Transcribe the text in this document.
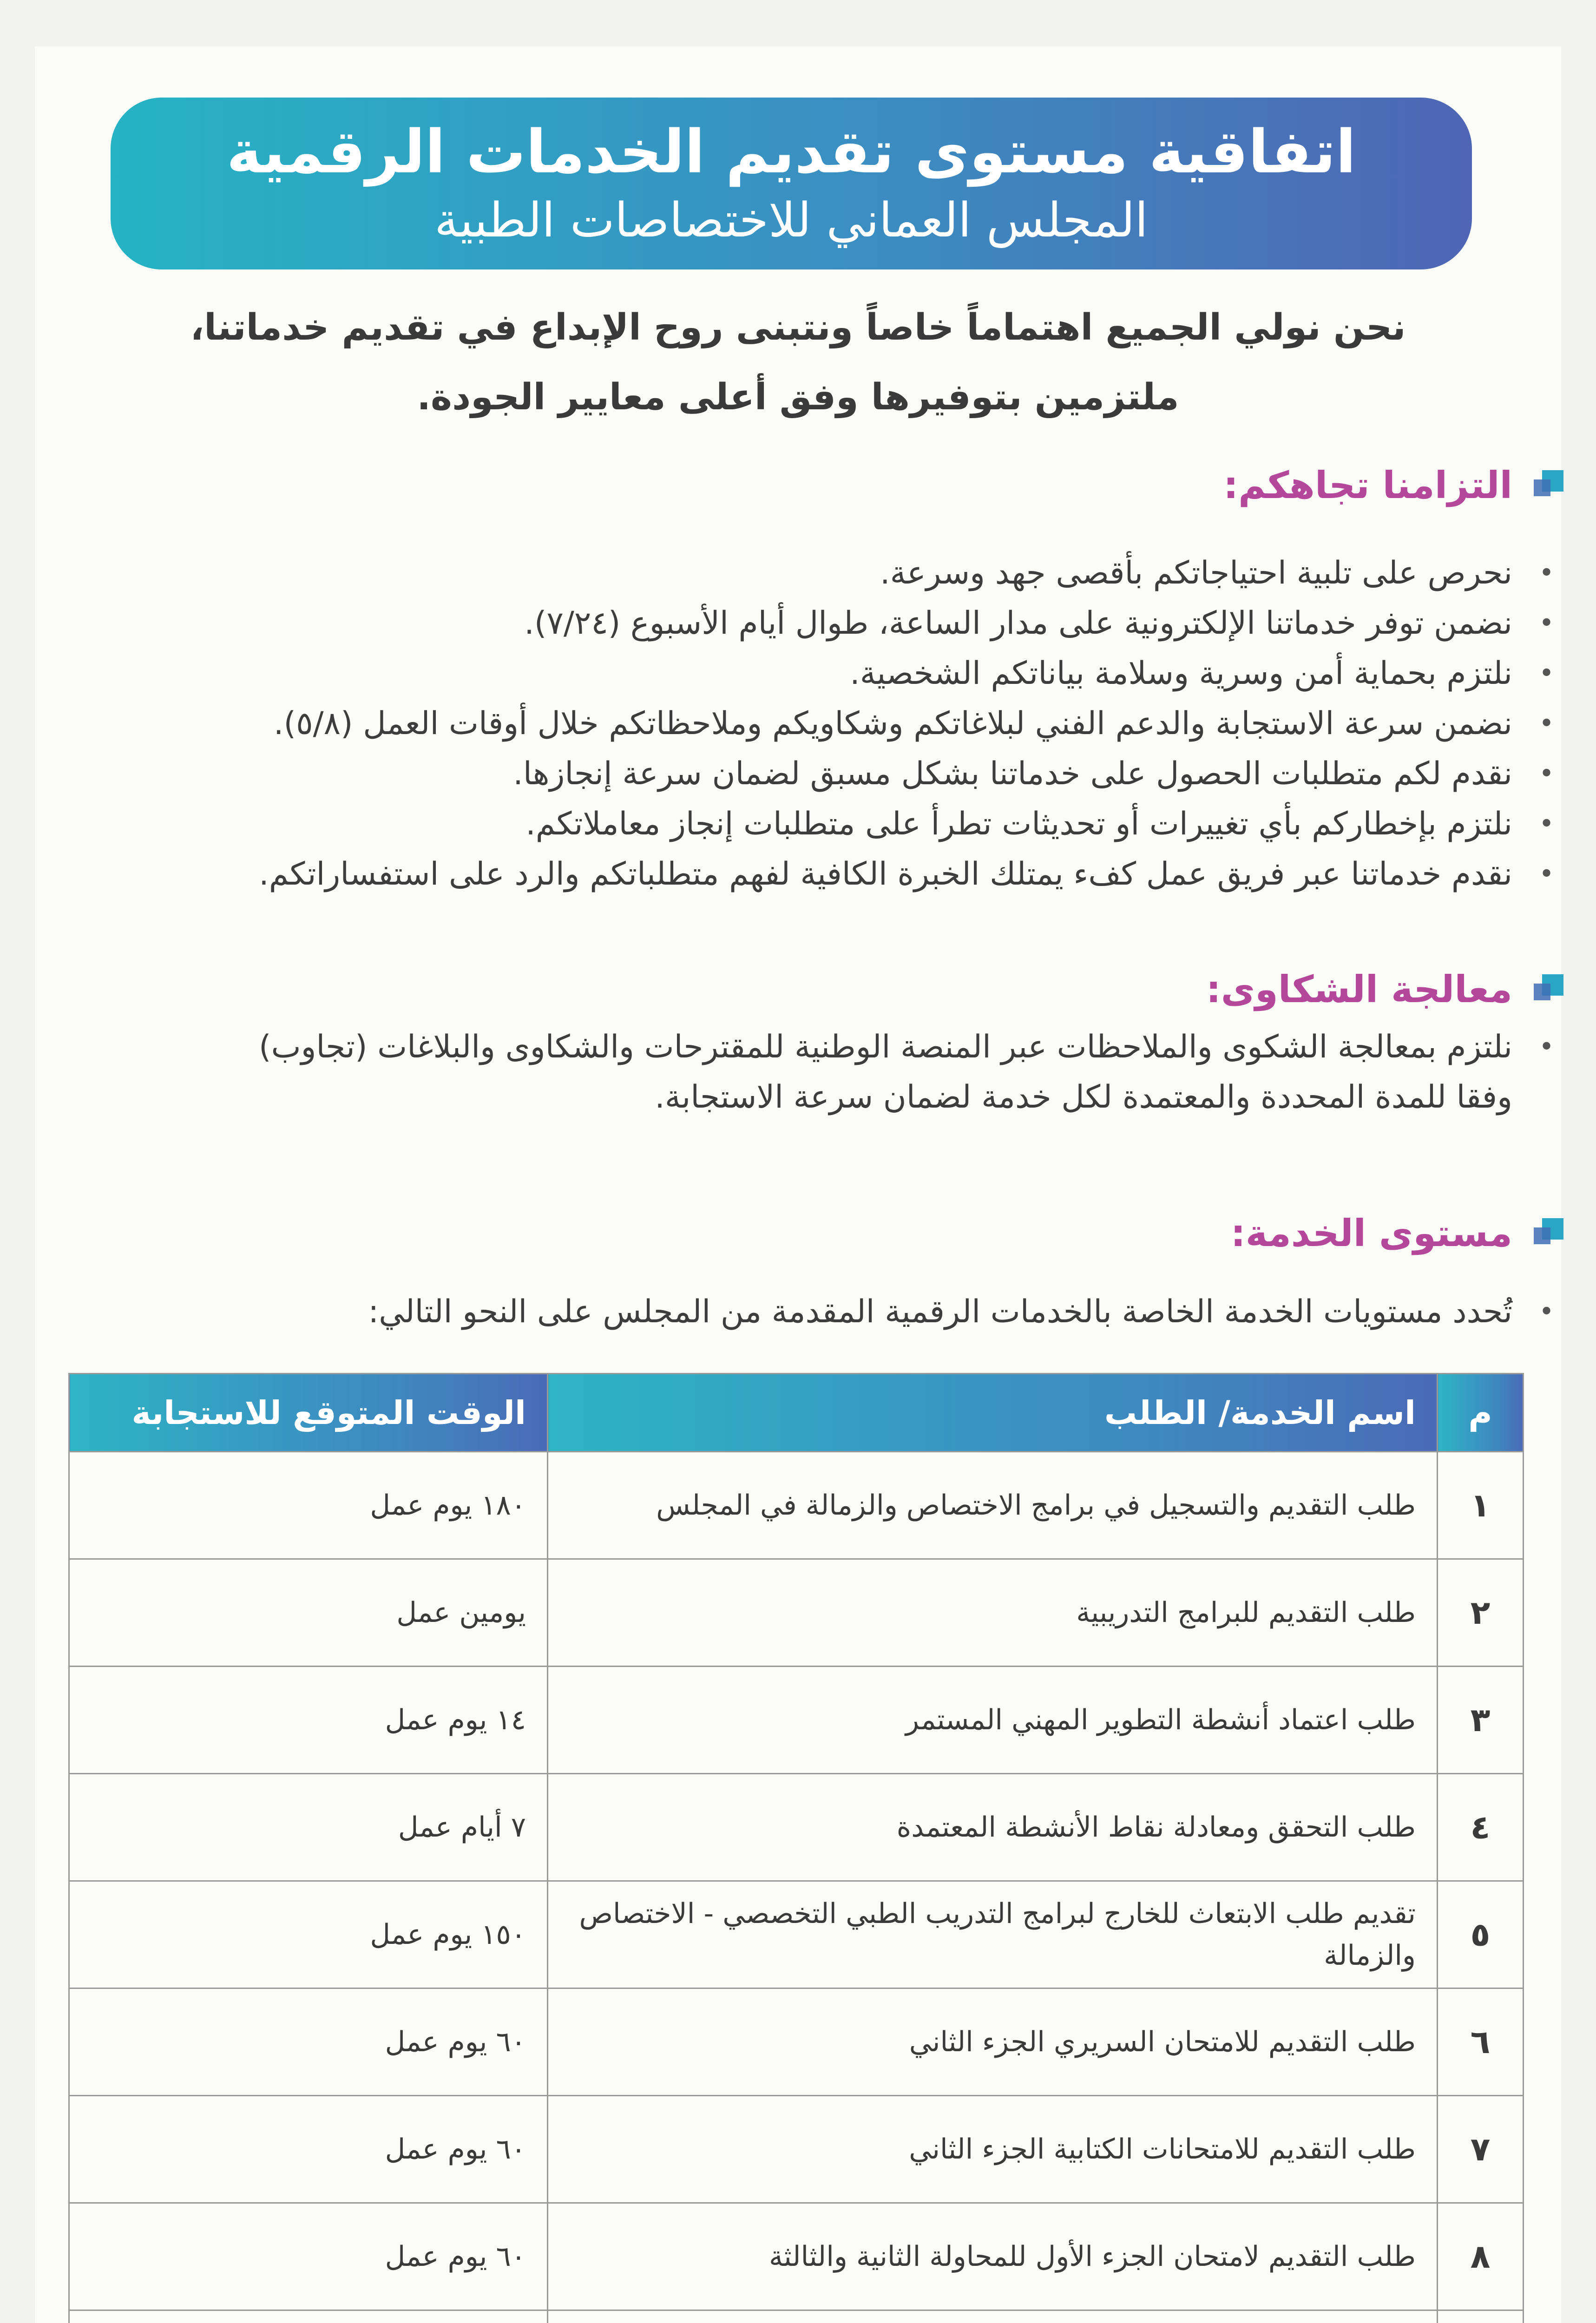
اتفاقية مستوى تقديم الخدمات الرقمية
المجلس العماني للاختصاصات الطبية
نحن نولي الجميع اهتماماً خاصاً ونتبنى روح الإبداع في تقديم خدماتنا،
ملتزمين بتوفيرها وفق أعلى معايير الجودة.
التزامنا تجاهكم:
• نحرص على تلبية احتياجاتكم بأقصى جهد وسرعة.
• نضمن توفر خدماتنا الإلكترونية على مدار الساعة، طوال أيام الأسبوع (٧/٢٤).
• نلتزم بحماية أمن وسرية وسلامة بياناتكم الشخصية.
• نضمن سرعة الاستجابة والدعم الفني لبلاغاتكم وشكاويكم وملاحظاتكم خلال أوقات العمل (٥/٨).
• نقدم لكم متطلبات الحصول على خدماتنا بشكل مسبق لضمان سرعة إنجازها.
• نلتزم بإخطاركم بأي تغييرات أو تحديثات تطرأ على متطلبات إنجاز معاملاتكم.
• نقدم خدماتنا عبر فريق عمل كفء يمتلك الخبرة الكافية لفهم متطلباتكم والرد على استفساراتكم.
معالجة الشكاوى:
• نلتزم بمعالجة الشكوى والملاحظات عبر المنصة الوطنية للمقترحات والشكاوى والبلاغات (تجاوب)
وفقا للمدة المحددة والمعتمدة لكل خدمة لضمان سرعة الاستجابة.
مستوى الخدمة:
• تُحدد مستويات الخدمة الخاصة بالخدمات الرقمية المقدمة من المجلس على النحو التالي:
م	اسم الخدمة/ الطلب	الوقت المتوقع للاستجابة
١	طلب التقديم والتسجيل في برامج الاختصاص والزمالة في المجلس	١٨٠ يوم عمل
٢	طلب التقديم للبرامج التدريبية	يومين عمل
٣	طلب اعتماد أنشطة التطوير المهني المستمر	١٤ يوم عمل
٤	طلب التحقق ومعادلة نقاط الأنشطة المعتمدة	٧ أيام عمل
٥	تقديم طلب الابتعاث للخارج لبرامج التدريب الطبي التخصصي - الاختصاص والزمالة	١٥٠ يوم عمل
٦	طلب التقديم للامتحان السريري الجزء الثاني	٦٠ يوم عمل
٧	طلب التقديم للامتحانات الكتابية الجزء الثاني	٦٠ يوم عمل
٨	طلب التقديم لامتحان الجزء الأول للمحاولة الثانية والثالثة	٦٠ يوم عمل
